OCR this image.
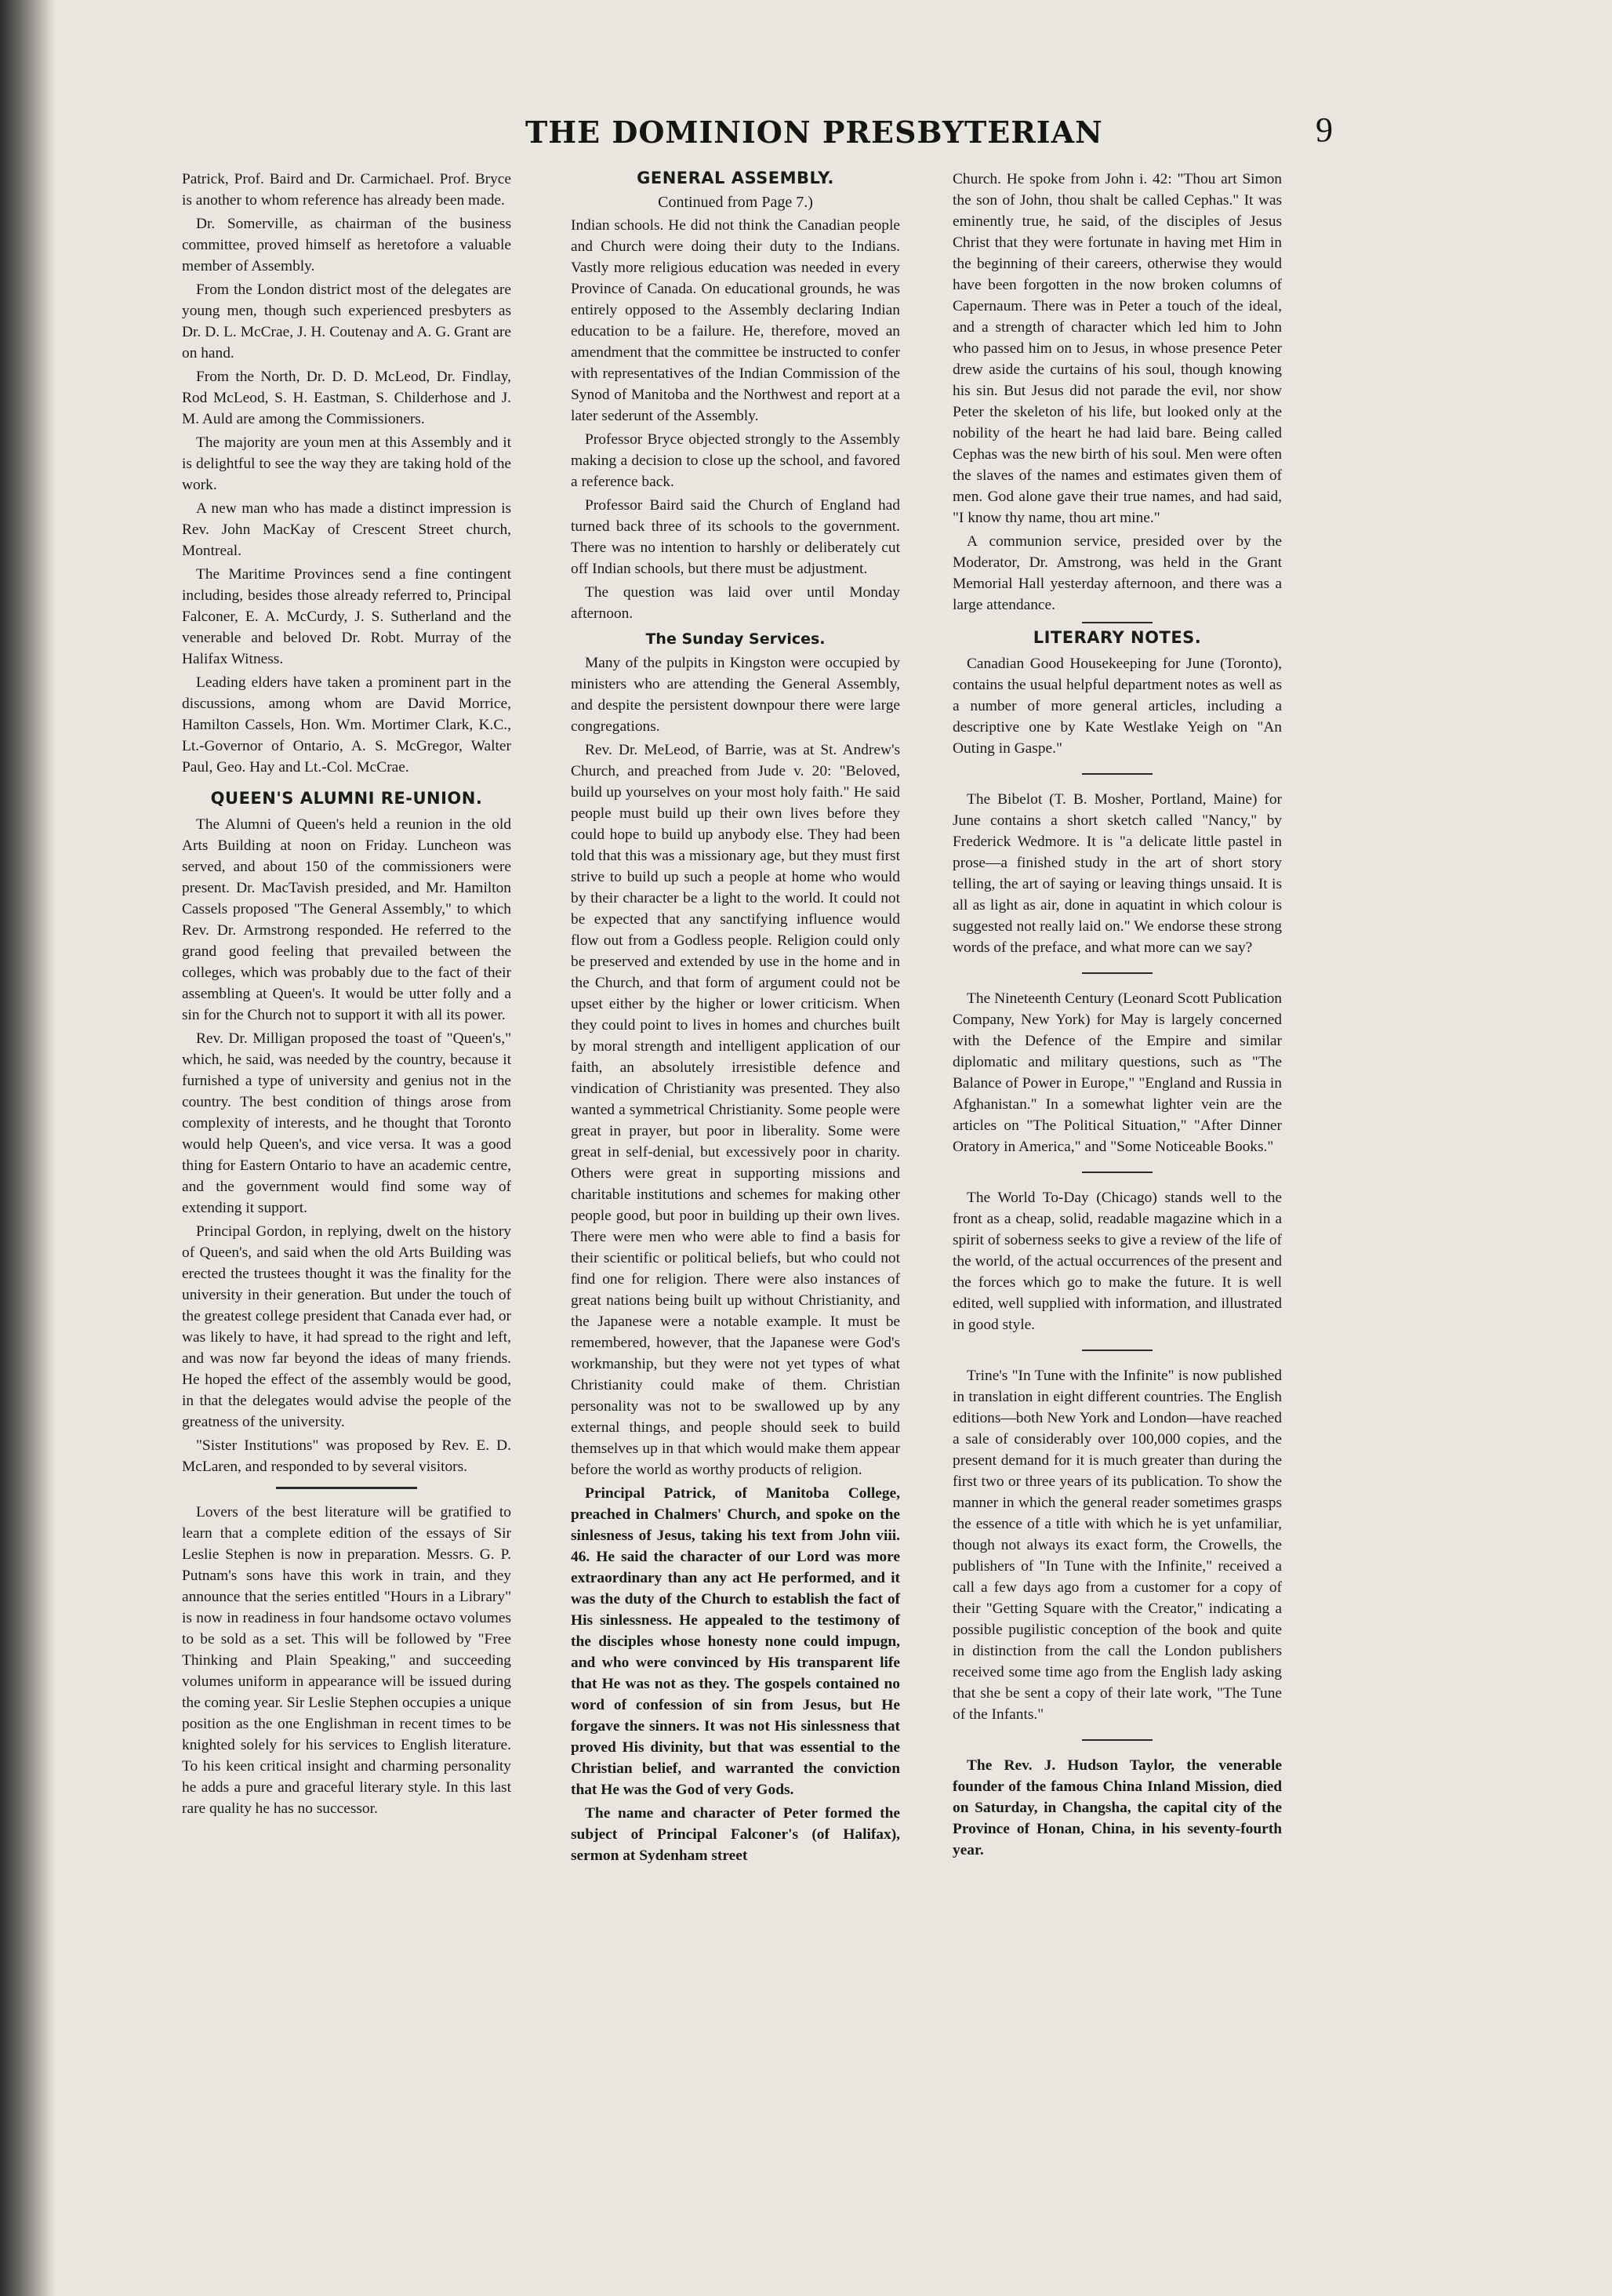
THE DOMINION PRESBYTERIAN	9

Patrick, Prof. Baird and Dr. Carmichael. Prof. Bryce is another to whom reference has already been made.

Dr. Somerville, as chairman of the business committee, proved himself as heretofore a valuable member of Assembly.

From the London district most of the delegates are young men, though such experienced presbyters as Dr. D. L. McCrae, J. H. Coutenay and A. G. Grant are on hand.

From the North, Dr. D. D. McLeod, Dr. Findlay, Rod McLeod, S. H. Eastman, S. Childerhose and J. M. Auld are among the Commissioners.

The majority are youn men at this Assembly and it is delightful to see the way they are taking hold of the work.

A new man who has made a distinct impression is Rev. John MacKay of Crescent Street church, Montreal.

The Maritime Provinces send a fine contingent including, besides those already referred to, Principal Falconer, E. A. McCurdy, J. S. Sutherland and the venerable and beloved Dr. Robt. Murray of the Halifax Witness.

Leading elders have taken a prominent part in the discussions, among whom are David Morrice, Hamilton Cassels, Hon. Wm. Mortimer Clark, K.C., Lt.-Governor of Ontario, A. S. McGregor, Walter Paul, Geo. Hay and Lt.-Col. McCrae.

QUEEN'S ALUMNI RE-UNION.

The Alumni of Queen's held a reunion in the old Arts Building at noon on Friday. Luncheon was served, and about 150 of the commissioners were present. Dr. MacTavish presided, and Mr. Hamilton Cassels proposed "The General Assembly," to which Rev. Dr. Armstrong responded. He referred to the grand good feeling that prevailed between the colleges, which was probably due to the fact of their assembling at Queen's. It would be utter folly and a sin for the Church not to support it with all its power.

Rev. Dr. Milligan proposed the toast of "Queen's," which, he said, was needed by the country, because it furnished a type of university and genius not in the country. The best condition of things arose from complexity of interests, and he thought that Toronto would help Queen's, and vice versa. It was a good thing for Eastern Ontario to have an academic centre, and the government would find some way of extending it support.

Principal Gordon, in replying, dwelt on the history of Queen's, and said when the old Arts Building was erected the trustees thought it was the finality for the university in their generation. But under the touch of the greatest college president that Canada ever had, or was likely to have, it had spread to the right and left, and was now far beyond the ideas of many friends. He hoped the effect of the assembly would be good, in that the delegates would advise the people of the greatness of the university.

"Sister Institutions" was proposed by Rev. E. D. McLaren, and responded to by several visitors.

Lovers of the best literature will be gratified to learn that a complete edition of the essays of Sir Leslie Stephen is now in preparation. Messrs. G. P. Putnam's sons have this work in train, and they announce that the series entitled "Hours in a Library" is now in readiness in four handsome octavo volumes to be sold as a set. This will be followed by "Free Thinking and Plain Speaking," and succeeding volumes uniform in appearance will be issued during the coming year. Sir Leslie Stephen occupies a unique position as the one Englishman in recent times to be knighted solely for his services to English literature. To his keen critical insight and charming personality he adds a pure and graceful literary style. In this last rare quality he has no successor.

GENERAL ASSEMBLY.
Continued from Page 7.)

Indian schools. He did not think the Canadian people and Church were doing their duty to the Indians. Vastly more religious education was needed in every Province of Canada. On educational grounds, he was entirely opposed to the Assembly declaring Indian education to be a failure. He, therefore, moved an amendment that the committee be instructed to confer with representatives of the Indian Commission of the Synod of Manitoba and the Northwest and report at a later sederunt of the Assembly.

Professor Bryce objected strongly to the Assembly making a decision to close up the school, and favored a reference back.

Professor Baird said the Church of England had turned back three of its schools to the government. There was no intention to harshly or deliberately cut off Indian schools, but there must be adjustment.

The question was laid over until Monday afternoon.

The Sunday Services.

Many of the pulpits in Kingston were occupied by ministers who are attending the General Assembly, and despite the persistent downpour there were large congregations.

Rev. Dr. MeLeod, of Barrie, was at St. Andrew's Church, and preached from Jude v. 20: "Beloved, build up yourselves on your most holy faith." He said people must build up their own lives before they could hope to build up anybody else. They had been told that this was a missionary age, but they must first strive to build up such a people at home who would by their character be a light to the world. It could not be expected that any sanctifying influence would flow out from a Godless people. Religion could only be preserved and extended by use in the home and in the Church, and that form of argument could not be upset either by the higher or lower criticism. When they could point to lives in homes and churches built by moral strength and intelligent application of our faith, an absolutely irresistible defence and vindication of Christianity was presented. They also wanted a symmetrical Christianity. Some people were great in prayer, but poor in liberality. Some were great in self-denial, but excessively poor in charity. Others were great in supporting missions and charitable institutions and schemes for making other people good, but poor in building up their own lives. There were men who were able to find a basis for their scientific or political beliefs, but who could not find one for religion. There were also instances of great nations being built up without Christianity, and the Japanese were a notable example. It must be remembered, however, that the Japanese were God's workmanship, but they were not yet types of what Christianity could make of them. Christian personality was not to be swallowed up by any external things, and people should seek to build themselves up in that which would make them appear before the world as worthy products of religion.

Principal Patrick, of Manitoba College, preached in Chalmers' Church, and spoke on the sinlesness of Jesus, taking his text from John viii. 46. He said the character of our Lord was more extraordinary than any act He performed, and it was the duty of the Church to establish the fact of His sinlessness. He appealed to the testimony of the disciples whose honesty none could impugn, and who were convinced by His transparent life that He was not as they. The gospels contained no word of confession of sin from Jesus, but He forgave the sinners. It was not His sinlessness that proved His divinity, but that was essential to the Christian belief, and warranted the conviction that He was the God of very Gods.

The name and character of Peter formed the subject of Principal Falconer's (of Halifax), sermon at Sydenham street

Church. He spoke from John i. 42: "Thou art Simon the son of John, thou shalt be called Cephas." It was eminently true, he said, of the disciples of Jesus Christ that they were fortunate in having met Him in the beginning of their careers, otherwise they would have been forgotten in the now broken columns of Capernaum. There was in Peter a touch of the ideal, and a strength of character which led him to John who passed him on to Jesus, in whose presence Peter drew aside the curtains of his soul, though knowing his sin. But Jesus did not parade the evil, nor show Peter the skeleton of his life, but looked only at the nobility of the heart he had laid bare. Being called Cephas was the new birth of his soul. Men were often the slaves of the names and estimates given them of men. God alone gave their true names, and had said, "I know thy name, thou art mine."

A communion service, presided over by the Moderator, Dr. Amstrong, was held in the Grant Memorial Hall yesterday afternoon, and there was a large attendance.

LITERARY NOTES.

Canadian Good Housekeeping for June (Toronto), contains the usual helpful department notes as well as a number of more general articles, including a descriptive one by Kate Westlake Yeigh on "An Outing in Gaspe."

The Bibelot (T. B. Mosher, Portland, Maine) for June contains a short sketch called "Nancy," by Frederick Wedmore. It is "a delicate little pastel in prose—a finished study in the art of short story telling, the art of saying or leaving things unsaid. It is all as light as air, done in aquatint in which colour is suggested not really laid on." We endorse these strong words of the preface, and what more can we say?

The Nineteenth Century (Leonard Scott Publication Company, New York) for May is largely concerned with the Defence of the Empire and similar diplomatic and military questions, such as "The Balance of Power in Europe," "England and Russia in Afghanistan." In a somewhat lighter vein are the articles on "The Political Situation," "After Dinner Oratory in America," and "Some Noticeable Books."

The World To-Day (Chicago) stands well to the front as a cheap, solid, readable magazine which in a spirit of soberness seeks to give a review of the life of the world, of the actual occurrences of the present and the forces which go to make the future. It is well edited, well supplied with information, and illustrated in good style.

Trine's "In Tune with the Infinite" is now published in translation in eight different countries. The English editions—both New York and London—have reached a sale of considerably over 100,000 copies, and the present demand for it is much greater than during the first two or three years of its publication. To show the manner in which the general reader sometimes grasps the essence of a title with which he is yet unfamiliar, though not always its exact form, the Crowells, the publishers of "In Tune with the Infinite," received a call a few days ago from a customer for a copy of their "Getting Square with the Creator," indicating a possible pugilistic conception of the book and quite in distinction from the call the London publishers received some time ago from the English lady asking that she be sent a copy of their late work, "The Tune of the Infants."

The Rev. J. Hudson Taylor, the venerable founder of the famous China Inland Mission, died on Saturday, in Changsha, the capital city of the Province of Honan, China, in his seventy-fourth year.
